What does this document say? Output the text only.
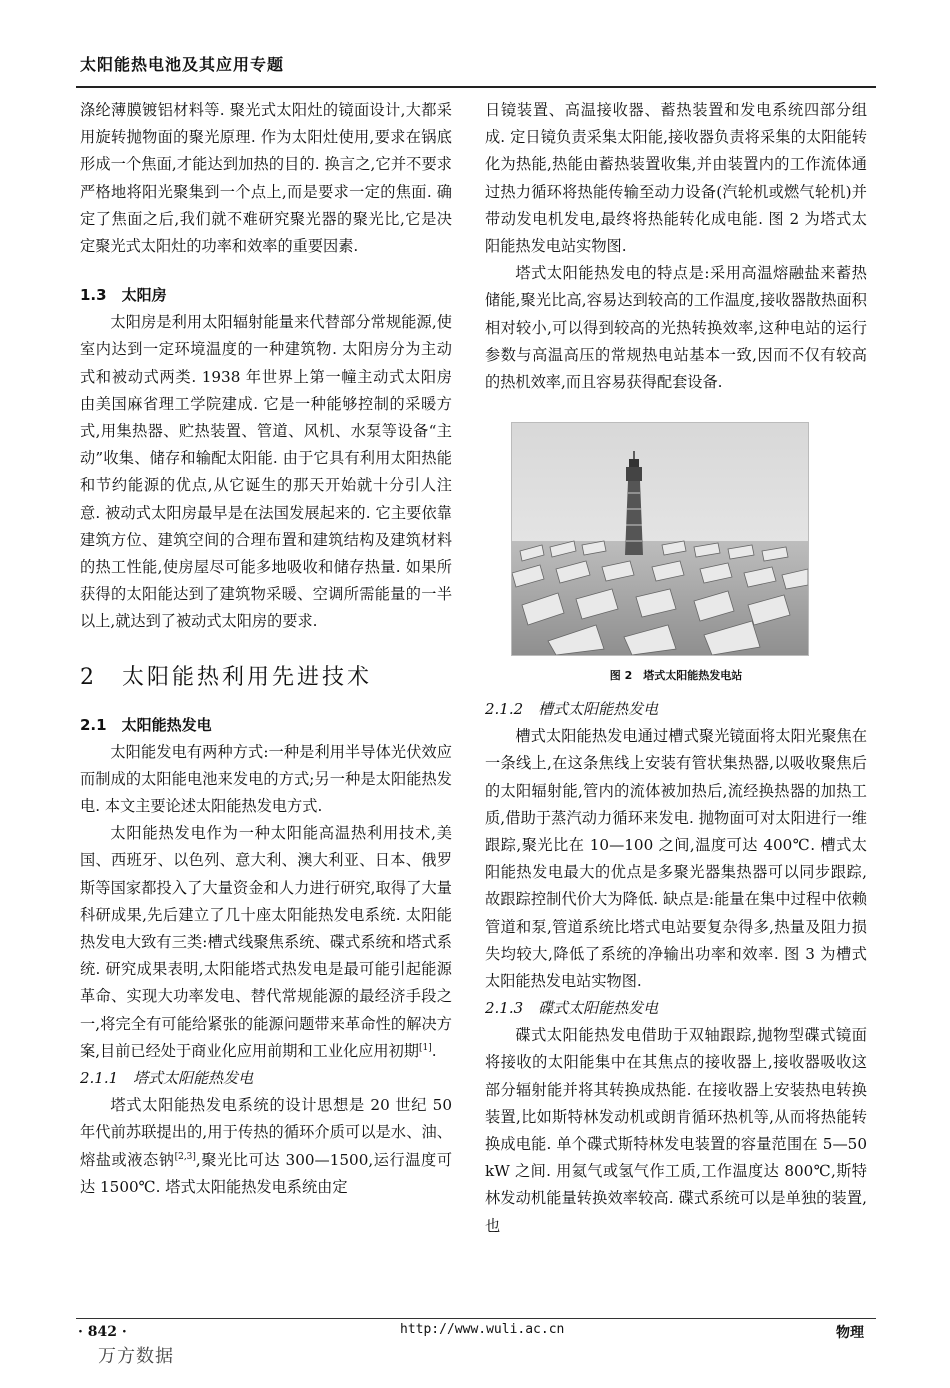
太阳能热电池及其应用专题

涤纶薄膜镀铝材料等. 聚光式太阳灶的镜面设计,大都采用旋转抛物面的聚光原理. 作为太阳灶使用,要求在锅底形成一个焦面,才能达到加热的目的. 换言之,它并不要求严格地将阳光聚集到一个点上,而是要求一定的焦面. 确定了焦面之后,我们就不难研究聚光器的聚光比,它是决定聚光式太阳灶的功率和效率的重要因素.

1.3　太阳房

太阳房是利用太阳辐射能量来代替部分常规能源,使室内达到一定环境温度的一种建筑物. 太阳房分为主动式和被动式两类. 1938 年世界上第一幢主动式太阳房由美国麻省理工学院建成. 它是一种能够控制的采暖方式,用集热器、贮热装置、管道、风机、水泵等设备“主动”收集、储存和输配太阳能. 由于它具有利用太阳热能和节约能源的优点,从它诞生的那天开始就十分引人注意. 被动式太阳房最早是在法国发展起来的. 它主要依靠建筑方位、建筑空间的合理布置和建筑结构及建筑材料的热工性能,使房屋尽可能多地吸收和储存热量. 如果所获得的太阳能达到了建筑物采暖、空调所需能量的一半以上,就达到了被动式太阳房的要求.

2　太阳能热利用先进技术
2.1　太阳能热发电

太阳能发电有两种方式:一种是利用半导体光伏效应而制成的太阳能电池来发电的方式;另一种是太阳能热发电. 本文主要论述太阳能热发电方式.

太阳能热发电作为一种太阳能高温热利用技术,美国、西班牙、以色列、意大利、澳大利亚、日本、俄罗斯等国家都投入了大量资金和人力进行研究,取得了大量科研成果,先后建立了几十座太阳能热发电系统. 太阳能热发电大致有三类:槽式线聚焦系统、碟式系统和塔式系统. 研究成果表明,太阳能塔式热发电是最可能引起能源革命、实现大功率发电、替代常规能源的最经济手段之一,将完全有可能给紧张的能源问题带来革命性的解决方案,目前已经处于商业化应用前期和工业化应用初期[1].

2.1.1　塔式太阳能热发电

塔式太阳能热发电系统的设计思想是 20 世纪 50 年代前苏联提出的,用于传热的循环介质可以是水、油、熔盐或液态钠[2,3],聚光比可达 300—1500,运行温度可达 1500℃. 塔式太阳能热发电系统由定

日镜装置、高温接收器、蓄热装置和发电系统四部分组成. 定日镜负责采集太阳能,接收器负责将采集的太阳能转化为热能,热能由蓄热装置收集,并由装置内的工作流体通过热力循环将热能传输至动力设备(汽轮机或燃气轮机)并带动发电机发电,最终将热能转化成电能. 图 2 为塔式太阳能热发电站实物图.

塔式太阳能热发电的特点是:采用高温熔融盐来蓄热储能,聚光比高,容易达到较高的工作温度,接收器散热面积相对较小,可以得到较高的光热转换效率,这种电站的运行参数与高温高压的常规热电站基本一致,因而不仅有较高的热机效率,而且容易获得配套设备.

图 2　塔式太阳能热发电站
2.1.2　槽式太阳能热发电

槽式太阳能热发电通过槽式聚光镜面将太阳光聚焦在一条线上,在这条焦线上安装有管状集热器,以吸收聚焦后的太阳辐射能,管内的流体被加热后,流经换热器的加热工质,借助于蒸汽动力循环来发电. 抛物面可对太阳进行一维跟踪,聚光比在 10—100 之间,温度可达 400℃. 槽式太阳能热发电最大的优点是多聚光器集热器可以同步跟踪,故跟踪控制代价大为降低. 缺点是:能量在集中过程中依赖管道和泵,管道系统比塔式电站要复杂得多,热量及阻力损失均较大,降低了系统的净输出功率和效率. 图 3 为槽式太阳能热发电站实物图.

2.1.3　碟式太阳能热发电

碟式太阳能热发电借助于双轴跟踪,抛物型碟式镜面将接收的太阳能集中在其焦点的接收器上,接收器吸收这部分辐射能并将其转换成热能. 在接收器上安装热电转换装置,比如斯特林发动机或朗肯循环热机等,从而将热能转换成电能. 单个碟式斯特林发电装置的容量范围在 5—50 kW 之间. 用氦气或氢气作工质,工作温度达 800℃,斯特林发动机能量转换效率较高. 碟式系统可以是单独的装置,也

· 842 ·	http://www.wuli.ac.cn	物理
万方数据
